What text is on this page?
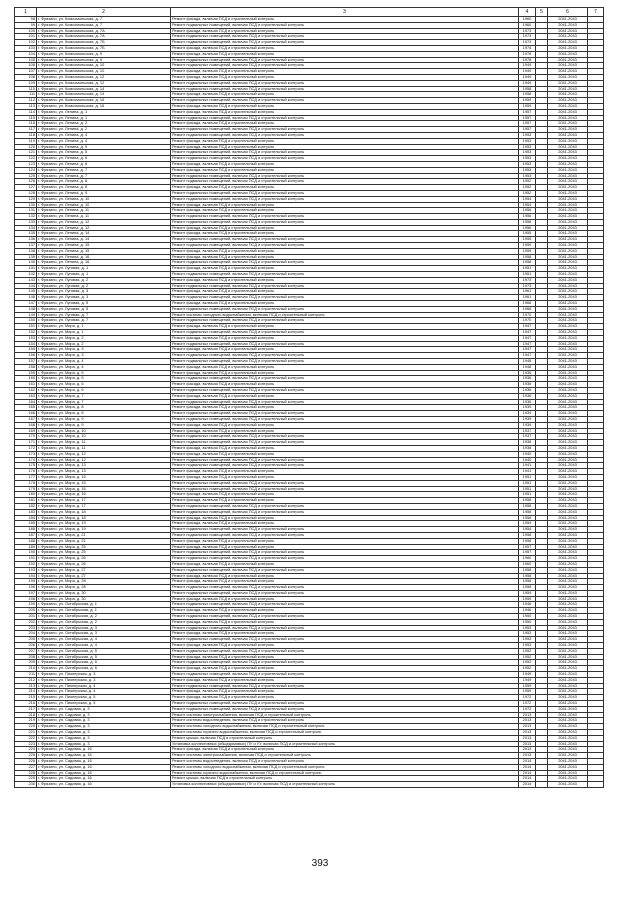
1	2	3	4	5	6	7
98	г. Фрязино, ул. Комсомольская, д. 7	Ремонт фасада, включая ПСД и строительный контроль	1960		2041-2043	
99	г. Фрязино, ул. Комсомольская, д. 7	Ремонт подвальных помещений, включая ПСД и строительный контроль	1960		2041-2043	
100	г. Фрязино, ул. Комсомольская, д. 7А	Ремонт фасада, включая ПСД и строительный контроль	1973		2041-2043	
101	г. Фрязино, ул. Комсомольская, д. 7А	Ремонт подвальных помещений, включая ПСД и строительный контроль	1973		2041-2043	
102	г. Фрязино, ул. Комсомольская, д. 7Б	Ремонт подвальных помещений, включая ПСД и строительный контроль	1974		2041-2043	
103	г. Фрязино, ул. Комсомольская, д. 7Б	Ремонт фасада, включая ПСД и строительный контроль	1974		2041-2043	
104	г. Фрязино, ул. Комсомольская, д. 9	Ремонт фасада, включая ПСД и строительный контроль	1978		2041-2043	
105	г. Фрязино, ул. Комсомольская, д. 9	Ремонт подвальных помещений, включая ПСД и строительный контроль	1978		2041-2043	
106	г. Фрязино, ул. Комсомольская, д. 10	Ремонт подвальных помещений, включая ПСД и строительный контроль	1949		2041-2043	
107	г. Фрязино, ул. Комсомольская, д. 10	Ремонт фасада, включая ПСД и строительный контроль	1949		2041-2043	
108	г. Фрязино, ул. Комсомольская, д. 12	Ремонт фасада, включая ПСД и строительный контроль	1949		2041-2043	
109	г. Фрязино, ул. Комсомольская, д. 12	Ремонт подвальных помещений, включая ПСД и строительный контроль	1949		2041-2043	
110	г. Фрязино, ул. Комсомольская, д. 14	Ремонт подвальных помещений, включая ПСД и строительный контроль	1958		2041-2043	
111	г. Фрязино, ул. Комсомольская, д. 14	Ремонт фасада, включая ПСД и строительный контроль	1958		2041-2043	
112	г. Фрязино, ул. Комсомольская, д. 16	Ремонт подвальных помещений, включая ПСД и строительный контроль	1959		2041-2043	
113	г. Фрязино, ул. Комсомольская, д. 16	Ремонт фасада, включая ПСД и строительный контроль	1959		2041-2043	
114	г. Фрязино, ул. Ленина, д. 1	Ремонт фасада, включая ПСД и строительный контроль	1957		2041-2043	
115	г. Фрязино, ул. Ленина, д. 1	Ремонт подвальных помещений, включая ПСД и строительный контроль	1957		2041-2043	
116	г. Фрязино, ул. Ленина, д. 2	Ремонт фасада, включая ПСД и строительный контроль	1957		2041-2043	
117	г. Фрязино, ул. Ленина, д. 2	Ремонт подвальных помещений, включая ПСД и строительный контроль	1957		2041-2043	
118	г. Фрязино, ул. Ленина, д. 4	Ремонт подвальных помещений, включая ПСД и строительный контроль	1953		2041-2043	
119	г. Фрязино, ул. Ленина, д. 4	Ремонт фасада, включая ПСД и строительный контроль	1953		2041-2043	
120	г. Фрязино, ул. Ленина, д. 5	Ремонт фасада, включая ПСД и строительный контроль	1953		2041-2043	
121	г. Фрязино, ул. Ленина, д. 5	Ремонт подвальных помещений, включая ПСД и строительный контроль	1953		2041-2043	
122	г. Фрязино, ул. Ленина, д. 6	Ремонт подвальных помещений, включая ПСД и строительный контроль	1953		2041-2043	
123	г. Фрязино, ул. Ленина, д. 6	Ремонт фасада, включая ПСД и строительный контроль	1953		2041-2043	
124	г. Фрязино, ул. Ленина, д. 7	Ремонт фасада, включая ПСД и строительный контроль	1953		2041-2043	
125	г. Фрязино, ул. Ленина, д. 7	Ремонт подвальных помещений, включая ПСД и строительный контроль	1953		2041-2043	
126	г. Фрязино, ул. Ленина, д. 8	Ремонт подвальных помещений, включая ПСД и строительный контроль	1952		2041-2043	
127	г. Фрязино, ул. Ленина, д. 8	Ремонт фасада, включая ПСД и строительный контроль	1952		2041-2043	
128	г. Фрязино, ул. Ленина, д. 9	Ремонт подвальных помещений, включая ПСД и строительный контроль	1952		2041-2043	
129	г. Фрязино, ул. Ленина, д. 10	Ремонт подвальных помещений, включая ПСД и строительный контроль	1954		2041-2043	
130	г. Фрязино, ул. Ленина, д. 10	Ремонт фасада, включая ПСД и строительный контроль	1954		2041-2043	
131	г. Фрязино, ул. Ленина, д. 11	Ремонт фасада, включая ПСД и строительный контроль	1956		2041-2043	
132	г. Фрязино, ул. Ленина, д. 11	Ремонт подвальных помещений, включая ПСД и строительный контроль	1956		2041-2043	
133	г. Фрязино, ул. Ленина, д. 12	Ремонт подвальных помещений, включая ПСД и строительный контроль	1956		2041-2043	
134	г. Фрязино, ул. Ленина, д. 12	Ремонт фасада, включая ПСД и строительный контроль	1956		2041-2043	
135	г. Фрязино, ул. Ленина, д. 14	Ремонт фасада, включая ПСД и строительный контроль	1955		2041-2043	
136	г. Фрязино, ул. Ленина, д. 14	Ремонт подвальных помещений, включая ПСД и строительный контроль	1955		2041-2043	
137	г. Фрязино, ул. Ленина, д. 15	Ремонт подвальных помещений, включая ПСД и строительный контроль	1959		2041-2043	
138	г. Фрязино, ул. Ленина, д. 15	Ремонт фасада, включая ПСД и строительный контроль	1959		2041-2043	
139	г. Фрязино, ул. Ленина, д. 16	Ремонт фасада, включая ПСД и строительный контроль	1958		2041-2043	
140	г. Фрязино, ул. Ленина, д. 16	Ремонт подвальных помещений, включая ПСД и строительный контроль	1958		2041-2043	
141	г. Фрязино, ул. Луговая, д. 1	Ремонт фасада, включая ПСД и строительный контроль	1951		2041-2043	
142	г. Фрязино, ул. Луговая, д. 1	Ремонт подвальных помещений, включая ПСД и строительный контроль	1951		2041-2043	
143	г. Фрязино, ул. Луговая, д. 2	Ремонт фасада, включая ПСД и строительный контроль	1973		2041-2043	
144	г. Фрязино, ул. Луговая, д. 2	Ремонт подвальных помещений, включая ПСД и строительный контроль	1973		2041-2043	
145	г. Фрязино, ул. Луговая, д. 3	Ремонт фасада, включая ПСД и строительный контроль	1961		2041-2043	
146	г. Фрязино, ул. Луговая, д. 3	Ремонт подвальных помещений, включая ПСД и строительный контроль	1961		2041-2043	
147	г. Фрязино, ул. Луговая, д. 5	Ремонт фасада, включая ПСД и строительный контроль	1968		2041-2043	
148	г. Фрязино, ул. Луговая, д. 5	Ремонт подвальных помещений, включая ПСД и строительный контроль	1968		2041-2043	
149	г. Фрязино, ул. Луговая, д. 7	Ремонт системы холодного водоснабжения, включая ПСД и строительный контроль	1970		2041-2043	
150	г. Фрязино, ул. Луговая, д. 7	Ремонт подвальных помещений, включая ПСД и строительный контроль	1970		2041-2043	
151	г. Фрязино, ул. Мира, д. 1	Ремонт фасада, включая ПСД и строительный контроль	1947		2041-2043	
152	г. Фрязино, ул. Мира, д. 1	Ремонт подвальных помещений, включая ПСД и строительный контроль	1947		2041-2043	
153	г. Фрязино, ул. Мира, д. 2	Ремонт фасада, включая ПСД и строительный контроль	1947		2041-2043	
154	г. Фрязино, ул. Мира, д. 2	Ремонт подвальных помещений, включая ПСД и строительный контроль	1947		2041-2043	
155	г. Фрязино, ул. Мира, д. 3	Ремонт фасада, включая ПСД и строительный контроль	1947		2041-2043	
156	г. Фрязино, ул. Мира, д. 3	Ремонт подвальных помещений, включая ПСД и строительный контроль	1947		2041-2043	
157	г. Фрязино, ул. Мира, д. 4	Ремонт подвальных помещений, включая ПСД и строительный контроль	1948		2041-2043	
158	г. Фрязино, ул. Мира, д. 4	Ремонт фасада, включая ПСД и строительный контроль	1948		2041-2043	
159	г. Фрязино, ул. Мира, д. 5	Ремонт фасада, включая ПСД и строительный контроль	1936		2041-2043	
160	г. Фрязино, ул. Мира, д. 5	Ремонт подвальных помещений, включая ПСД и строительный контроль	1936		2041-2043	
161	г. Фрязино, ул. Мира, д. 6	Ремонт фасада, включая ПСД и строительный контроль	1936		2041-2043	
162	г. Фрязино, ул. Мира, д. 6	Ремонт подвальных помещений, включая ПСД и строительный контроль	1936		2041-2043	
163	г. Фрязино, ул. Мира, д. 7	Ремонт фасада, включая ПСД и строительный контроль	1936		2041-2043	
164	г. Фрязино, ул. Мира, д. 7	Ремонт подвальных помещений, включая ПСД и строительный контроль	1936		2041-2043	
165	г. Фрязино, ул. Мира, д. 8	Ремонт фасада, включая ПСД и строительный контроль	1939		2041-2043	
166	г. Фрязино, ул. Мира, д. 8	Ремонт подвальных помещений, включая ПСД и строительный контроль	1939		2041-2043	
167	г. Фрязино, ул. Мира, д. 9	Ремонт подвальных помещений, включая ПСД и строительный контроль	1939		2041-2043	
168	г. Фрязино, ул. Мира, д. 9	Ремонт фасада, включая ПСД и строительный контроль	1939		2041-2043	
169	г. Фрязино, ул. Мира, д. 10	Ремонт фасада, включая ПСД и строительный контроль	1937		2041-2043	
170	г. Фрязино, ул. Мира, д. 10	Ремонт подвальных помещений, включая ПСД и строительный контроль	1937		2041-2043	
171	г. Фрязино, ул. Мира, д. 11	Ремонт подвальных помещений, включая ПСД и строительный контроль	1938		2041-2043	
172	г. Фрязино, ул. Мира, д. 11	Ремонт фасада, включая ПСД и строительный контроль	1938		2041-2043	
173	г. Фрязино, ул. Мира, д. 12	Ремонт фасада, включая ПСД и строительный контроль	1940		2041-2043	
174	г. Фрязино, ул. Мира, д. 12	Ремонт подвальных помещений, включая ПСД и строительный контроль	1940		2041-2043	
175	г. Фрязино, ул. Мира, д. 13	Ремонт подвальных помещений, включая ПСД и строительный контроль	1941		2041-2043	
176	г. Фрязино, ул. Мира, д. 13	Ремонт фасада, включая ПСД и строительный контроль	1941		2041-2043	
177	г. Фрязино, ул. Мира, д. 15	Ремонт фасада, включая ПСД и строительный контроль	1951		2041-2043	
178	г. Фрязино, ул. Мира, д. 15	Ремонт подвальных помещений, включая ПСД и строительный контроль	1951		2041-2043	
179	г. Фрязино, ул. Мира, д. 16	Ремонт подвальных помещений, включая ПСД и строительный контроль	1951		2041-2043	
180	г. Фрязино, ул. Мира, д. 16	Ремонт фасада, включая ПСД и строительный контроль	1951		2041-2043	
181	г. Фрязино, ул. Мира, д. 17	Ремонт фасада, включая ПСД и строительный контроль	1958		2041-2043	
182	г. Фрязино, ул. Мира, д. 17	Ремонт подвальных помещений, включая ПСД и строительный контроль	1958		2041-2043	
183	г. Фрязино, ул. Мира, д. 18	Ремонт подвальных помещений, включая ПСД и строительный контроль	1958		2041-2043	
184	г. Фрязино, ул. Мира, д. 18	Ремонт фасада, включая ПСД и строительный контроль	1958		2041-2043	
185	г. Фрязино, ул. Мира, д. 19	Ремонт фасада, включая ПСД и строительный контроль	1954		2041-2043	
186	г. Фрязино, ул. Мира, д. 19	Ремонт подвальных помещений, включая ПСД и строительный контроль	1954		2041-2043	
187	г. Фрязино, ул. Мира, д. 21	Ремонт подвальных помещений, включая ПСД и строительный контроль	1958		2041-2043	
188	г. Фрязино, ул. Мира, д. 21	Ремонт фасада, включая ПСД и строительный контроль	1958		2041-2043	
189	г. Фрязино, ул. Мира, д. 25	Ремонт фасада, включая ПСД и строительный контроль	1957		2041-2043	
190	г. Фрязино, ул. Мира, д. 25	Ремонт подвальных помещений, включая ПСД и строительный контроль	1957		2041-2043	
191	г. Фрязино, ул. Мира, д. 26	Ремонт подвальных помещений, включая ПСД и строительный контроль	1960		2041-2043	
192	г. Фрязино, ул. Мира, д. 26	Ремонт фасада, включая ПСД и строительный контроль	1960		2041-2043	
193	г. Фрязино, ул. Мира, д. 27	Ремонт подвальных помещений, включая ПСД и строительный контроль	1958		2041-2043	
194	г. Фрязино, ул. Мира, д. 27	Ремонт фасада, включая ПСД и строительный контроль	1958		2041-2043	
195	г. Фрязино, ул. Мира, д. 28	Ремонт фасада, включая ПСД и строительный контроль	1958		2041-2043	
196	г. Фрязино, ул. Мира, д. 28	Ремонт подвальных помещений, включая ПСД и строительный контроль	1958		2041-2043	
197	г. Фрязино, ул. Мира, д. 30	Ремонт подвальных помещений, включая ПСД и строительный контроль	1959		2041-2043	
198	г. Фрязино, ул. Мира, д. 30	Ремонт фасада, включая ПСД и строительный контроль	1959		2041-2043	
199	г. Фрязино, ул. Октябрьская, д. 1	Ремонт подвальных помещений, включая ПСД и строительный контроль	1946		2041-2043	
200	г. Фрязино, ул. Октябрьская, д. 1	Ремонт фасада, включая ПСД и строительный контроль	1946		2041-2043	
201	г. Фрязино, ул. Октябрьская, д. 2	Ремонт подвальных помещений, включая ПСД и строительный контроль	1950		2041-2043	
202	г. Фрязино, ул. Октябрьская, д. 2	Ремонт фасада, включая ПСД и строительный контроль	1950		2041-2043	
203	г. Фрязино, ул. Октябрьская, д. 3	Ремонт подвальных помещений, включая ПСД и строительный контроль	1953		2041-2043	
204	г. Фрязино, ул. Октябрьская, д. 3	Ремонт фасада, включая ПСД и строительный контроль	1953		2041-2043	
205	г. Фрязино, ул. Октябрьская, д. 4	Ремонт подвальных помещений, включая ПСД и строительный контроль	1953		2041-2043	
206	г. Фрязино, ул. Октябрьская, д. 4	Ремонт фасада, включая ПСД и строительный контроль	1953		2041-2043	
207	г. Фрязино, ул. Октябрьская, д. 5	Ремонт подвальных помещений, включая ПСД и строительный контроль	1952		2041-2043	
208	г. Фрязино, ул. Октябрьская, д. 5	Ремонт фасада, включая ПСД и строительный контроль	1952		2041-2043	
209	г. Фрязино, ул. Октябрьская, д. 6	Ремонт подвальных помещений, включая ПСД и строительный контроль	1952		2041-2043	
210	г. Фрязино, ул. Октябрьская, д. 6	Ремонт фасада, включая ПСД и строительный контроль	1952		2041-2043	
211	г. Фрязино, ул. Пионерская, д. 3	Ремонт подвальных помещений, включая ПСД и строительный контроль	1949		2041-2043	
212	г. Фрязино, ул. Пионерская, д. 3	Ремонт фасада, включая ПСД и строительный контроль	1949		2041-2043	
213	г. Фрязино, ул. Пионерская, д. 4	Ремонт подвальных помещений, включая ПСД и строительный контроль	1959		2041-2043	
214	г. Фрязино, ул. Пионерская, д. 4	Ремонт фасада, включая ПСД и строительный контроль	1959		2041-2043	
215	г. Фрязино, ул. Пионерская, д. 5	Ремонт фасада, включая ПСД и строительный контроль	1972		2041-2043	
216	г. Фрязино, ул. Пионерская, д. 5	Ремонт подвальных помещений, включая ПСД и строительный контроль	1972		2041-2043	
217	г. Фрязино, ул. Садовая, д. 3	Ремонт подвальных помещений, включая ПСД и строительный контроль	1972		2041-2043	
218	г. Фрязино, ул. Садовая, д. 3	Ремонт системы электроснабжения, включая ПСД и строительный контроль	2013		2041-2043	
219	г. Фрязино, ул. Садовая, д. 3	Ремонт системы водоотведения, включая ПСД и строительный контроль	2013		2041-2043	
220	г. Фрязино, ул. Садовая, д. 3	Ремонт системы холодного водоснабжения, включая ПСД и строительный контроль	2013		2041-2043	
221	г. Фрязино, ул. Садовая, д. 3	Ремонт системы горячего водоснабжения, включая ПСД и строительный контроль	2013		2041-2043	
222	г. Фрязино, ул. Садовая, д. 3	Ремонт крыши, включая ПСД и строительный контроль	2013		2041-2043	
223	г. Фрязино, ул. Садовая, д. 3	Установка коллективных (общедомовых) ПУ и УУ, включая ПСД и строительный контроль	2013		2041-2043	
224	г. Фрязино, ул. Садовая, д. 16	Ремонт фасада, включая ПСД и строительный контроль	2013		2041-2043	
225	г. Фрязино, ул. Садовая, д. 16	Ремонт системы электроснабжения, включая ПСД и строительный контроль	2013		2041-2043	
226	г. Фрязино, ул. Садовая, д. 16	Ремонт системы водоотведения, включая ПСД и строительный контроль	2014		2041-2043	
227	г. Фрязино, ул. Садовая, д. 16	Ремонт системы холодного водоснабжения, включая ПСД и строительный контроль	2014		2041-2043	
228	г. Фрязино, ул. Садовая, д. 16	Ремонт системы горячего водоснабжения, включая ПСД и строительный контроль	2014		2041-2043	
229	г. Фрязино, ул. Садовая, д. 16	Ремонт крыши, включая ПСД и строительный контроль	2014		2041-2043	
230	г. Фрязино, ул. Садовая, д. 16	Установка коллективных (общедомовых) ПУ и УУ, включая ПСД и строительный контроль	2014		2041-2043	
393
